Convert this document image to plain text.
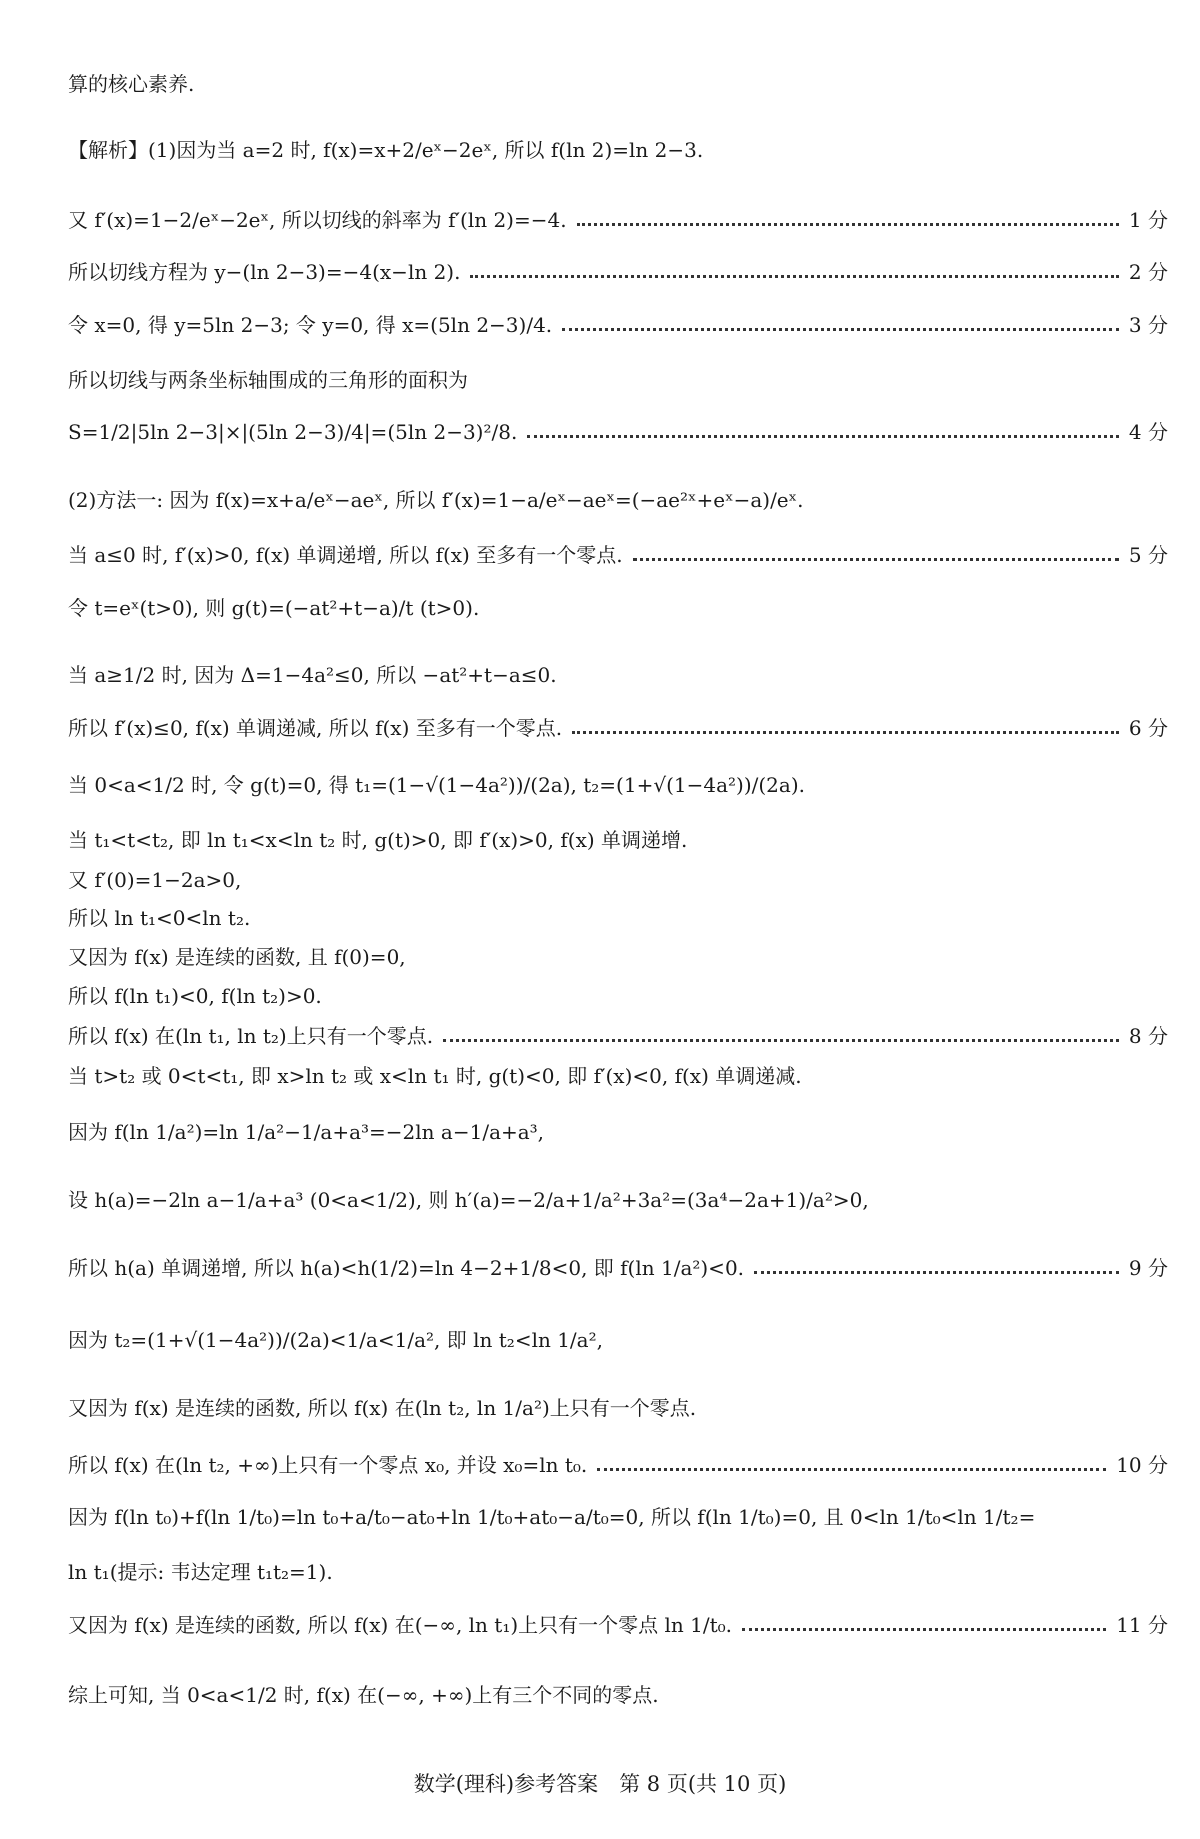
算的核心素养.
【解析】(1)因为当 a=2 时, f(x)=x+2/eˣ−2eˣ, 所以 f(ln 2)=ln 2−3.
又 f′(x)=1−2/eˣ−2eˣ, 所以切线的斜率为 f′(ln 2)=−4.	1 分
所以切线方程为 y−(ln 2−3)=−4(x−ln 2).	2 分
令 x=0, 得 y=5ln 2−3; 令 y=0, 得 x=(5ln 2−3)/4.	3 分
所以切线与两条坐标轴围成的三角形的面积为
S=1/2|5ln 2−3|×|(5ln 2−3)/4|=(5ln 2−3)²/8.	4 分
(2)方法一: 因为 f(x)=x+a/eˣ−aeˣ, 所以 f′(x)=1−a/eˣ−aeˣ=(−ae²ˣ+eˣ−a)/eˣ.
当 a≤0 时, f′(x)>0, f(x) 单调递增, 所以 f(x) 至多有一个零点.	5 分
令 t=eˣ(t>0), 则 g(t)=(−at²+t−a)/t (t>0).
当 a≥1/2 时, 因为 Δ=1−4a²≤0, 所以 −at²+t−a≤0.
所以 f′(x)≤0, f(x) 单调递减, 所以 f(x) 至多有一个零点.	6 分
当 0<a<1/2 时, 令 g(t)=0, 得 t₁=(1−√(1−4a²))/(2a), t₂=(1+√(1−4a²))/(2a).
当 t₁<t<t₂, 即 ln t₁<x<ln t₂ 时, g(t)>0, 即 f′(x)>0, f(x) 单调递增.
又 f′(0)=1−2a>0,
所以 ln t₁<0<ln t₂.
又因为 f(x) 是连续的函数, 且 f(0)=0,
所以 f(ln t₁)<0, f(ln t₂)>0.
所以 f(x) 在(ln t₁, ln t₂)上只有一个零点.	8 分
当 t>t₂ 或 0<t<t₁, 即 x>ln t₂ 或 x<ln t₁ 时, g(t)<0, 即 f′(x)<0, f(x) 单调递减.
因为 f(ln 1/a²)=ln 1/a²−1/a+a³=−2ln a−1/a+a³,
设 h(a)=−2ln a−1/a+a³ (0<a<1/2), 则 h′(a)=−2/a+1/a²+3a²=(3a⁴−2a+1)/a²>0,
所以 h(a) 单调递增, 所以 h(a)<h(1/2)=ln 4−2+1/8<0, 即 f(ln 1/a²)<0.	9 分
因为 t₂=(1+√(1−4a²))/(2a)<1/a<1/a², 即 ln t₂<ln 1/a²,
又因为 f(x) 是连续的函数, 所以 f(x) 在(ln t₂, ln 1/a²)上只有一个零点.
所以 f(x) 在(ln t₂, +∞)上只有一个零点 x₀, 并设 x₀=ln t₀.	10 分
因为 f(ln t₀)+f(ln 1/t₀)=ln t₀+a/t₀−at₀+ln 1/t₀+at₀−a/t₀=0, 所以 f(ln 1/t₀)=0, 且 0<ln 1/t₀<ln 1/t₂=
ln t₁(提示: 韦达定理 t₁t₂=1).
又因为 f(x) 是连续的函数, 所以 f(x) 在(−∞, ln t₁)上只有一个零点 ln 1/t₀.	11 分
综上可知, 当 0<a<1/2 时, f(x) 在(−∞, +∞)上有三个不同的零点.
数学(理科)参考答案　第 8 页(共 10 页)
